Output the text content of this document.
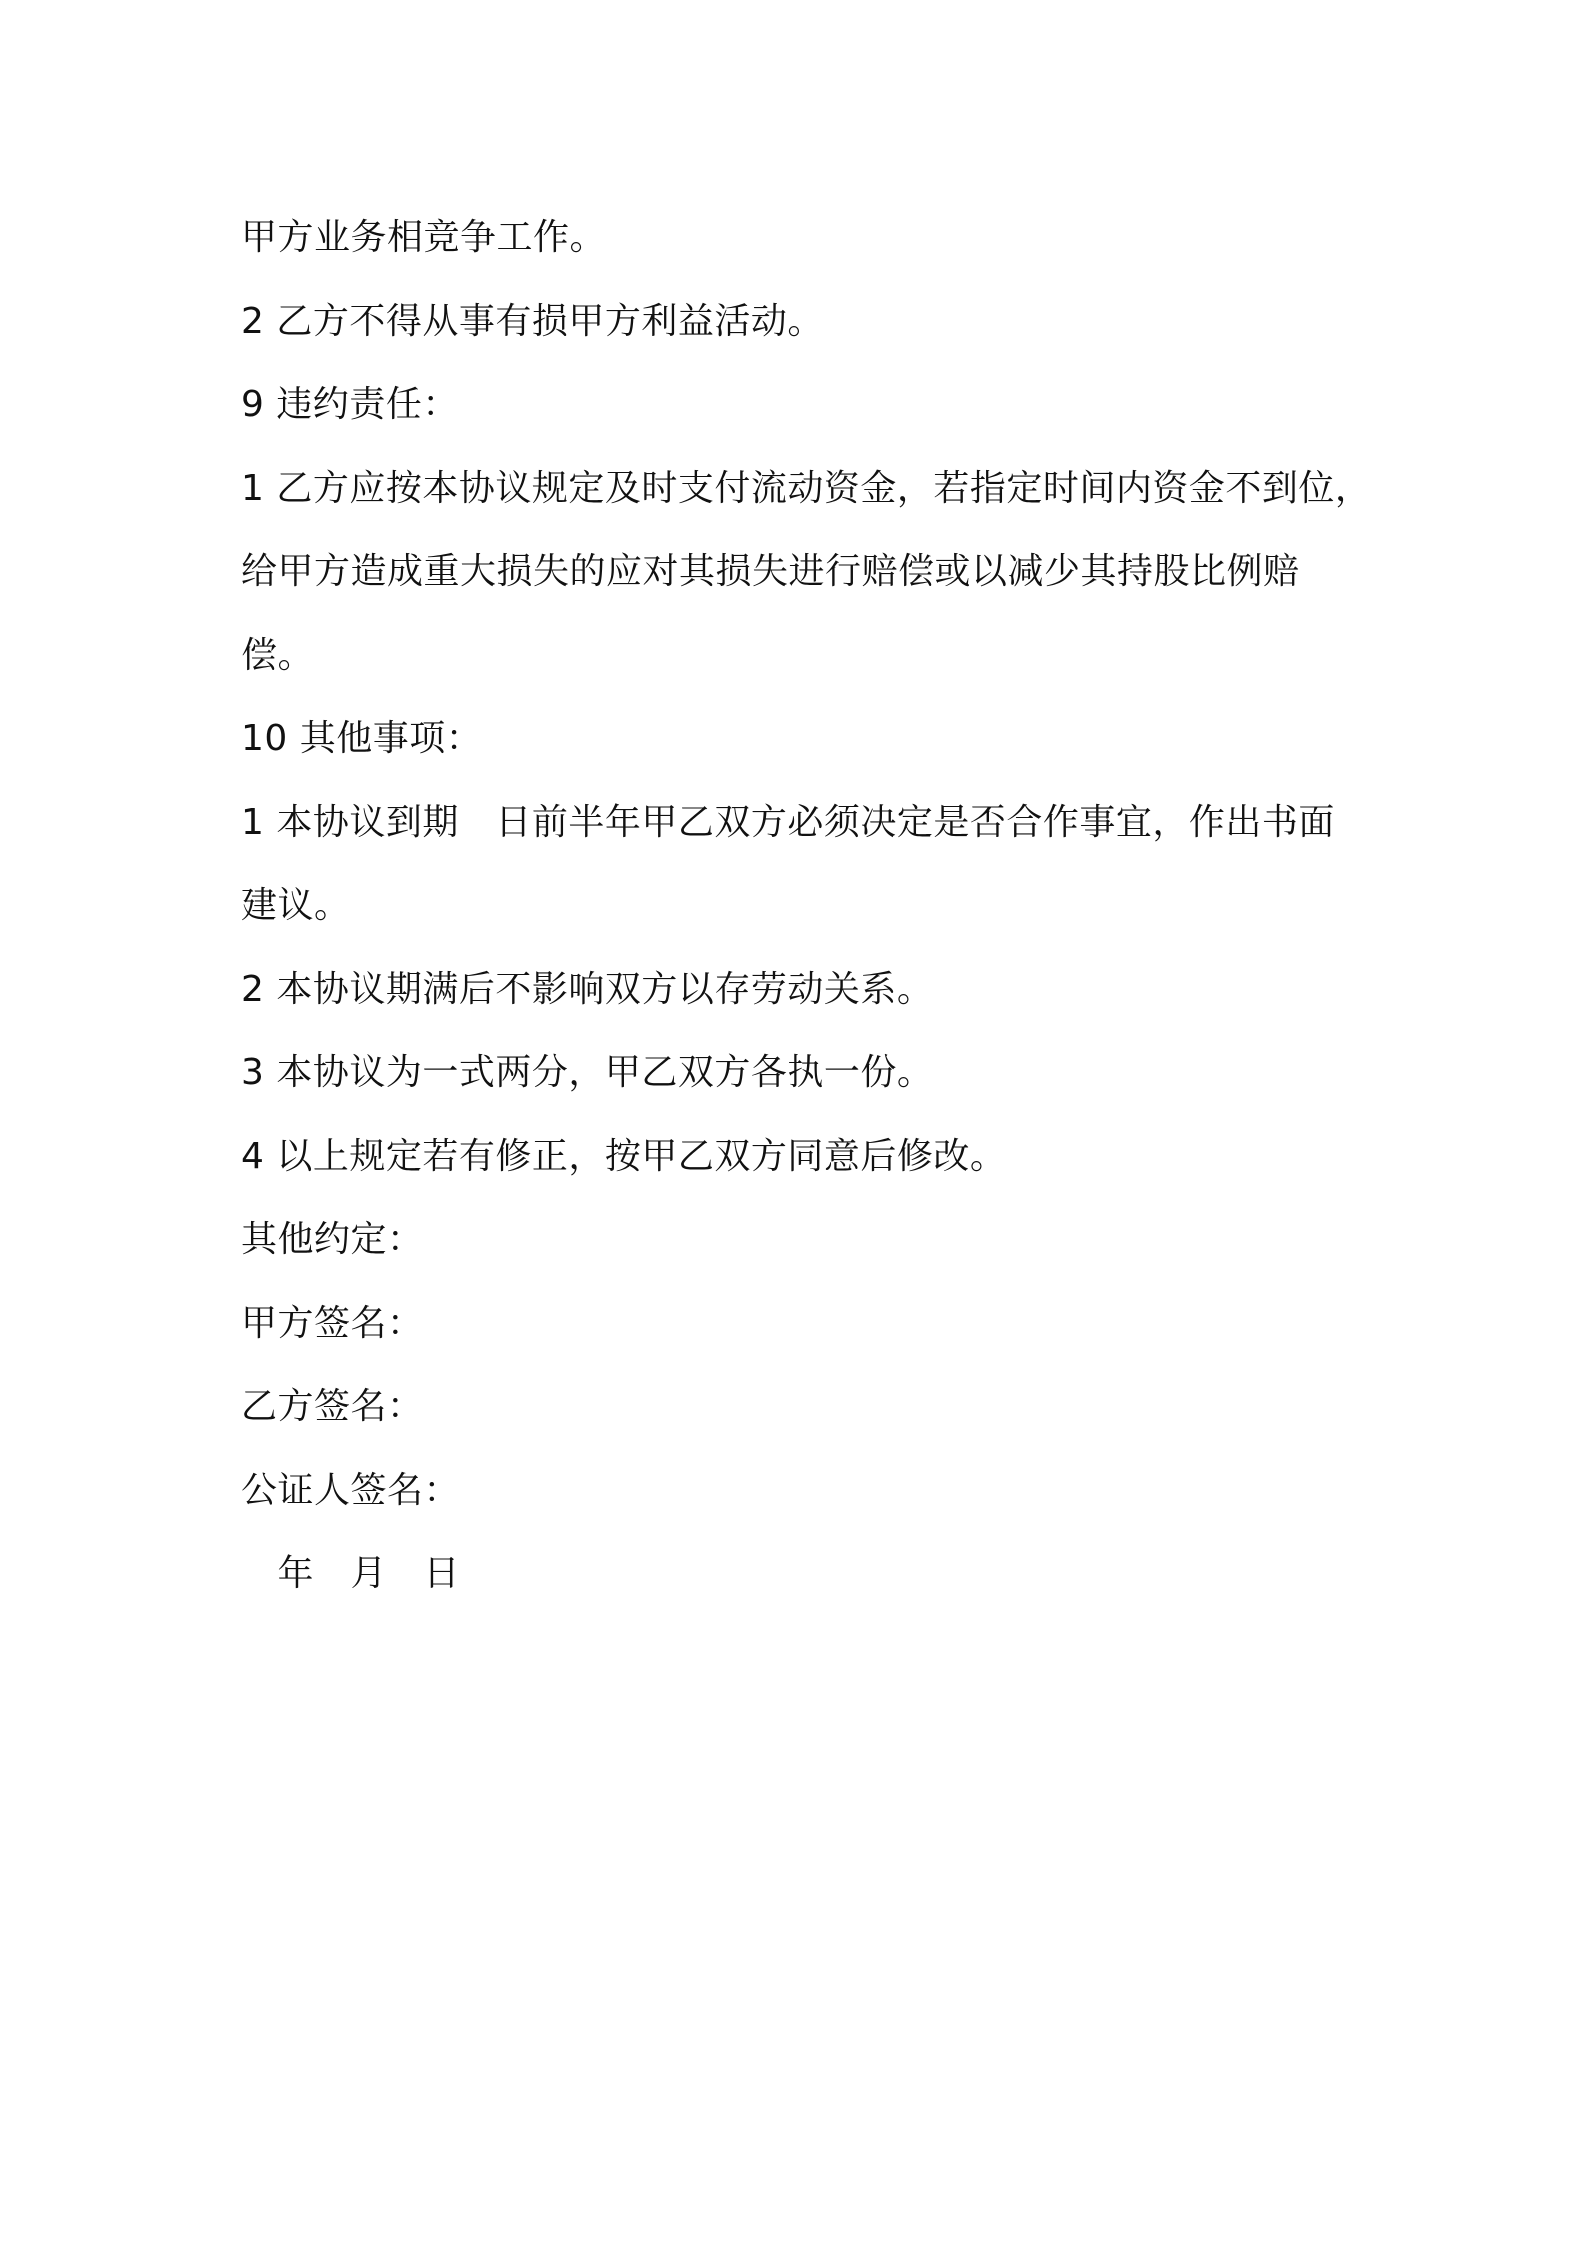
甲方业务相竞争工作。
2 乙方不得从事有损甲方利益活动。
9 违约责任：
1 乙方应按本协议规定及时支付流动资金，若指定时间内资金不到位，
给甲方造成重大损失的应对其损失进行赔偿或以减少其持股比例赔
偿。
10 其他事项：
1 本协议到期　日前半年甲乙双方必须决定是否合作事宜，作出书面
建议。
2 本协议期满后不影响双方以存劳动关系。
3 本协议为一式两分，甲乙双方各执一份。
4 以上规定若有修正，按甲乙双方同意后修改。
其他约定：
甲方签名：
乙方签名：
公证人签名：
　年　月　日
